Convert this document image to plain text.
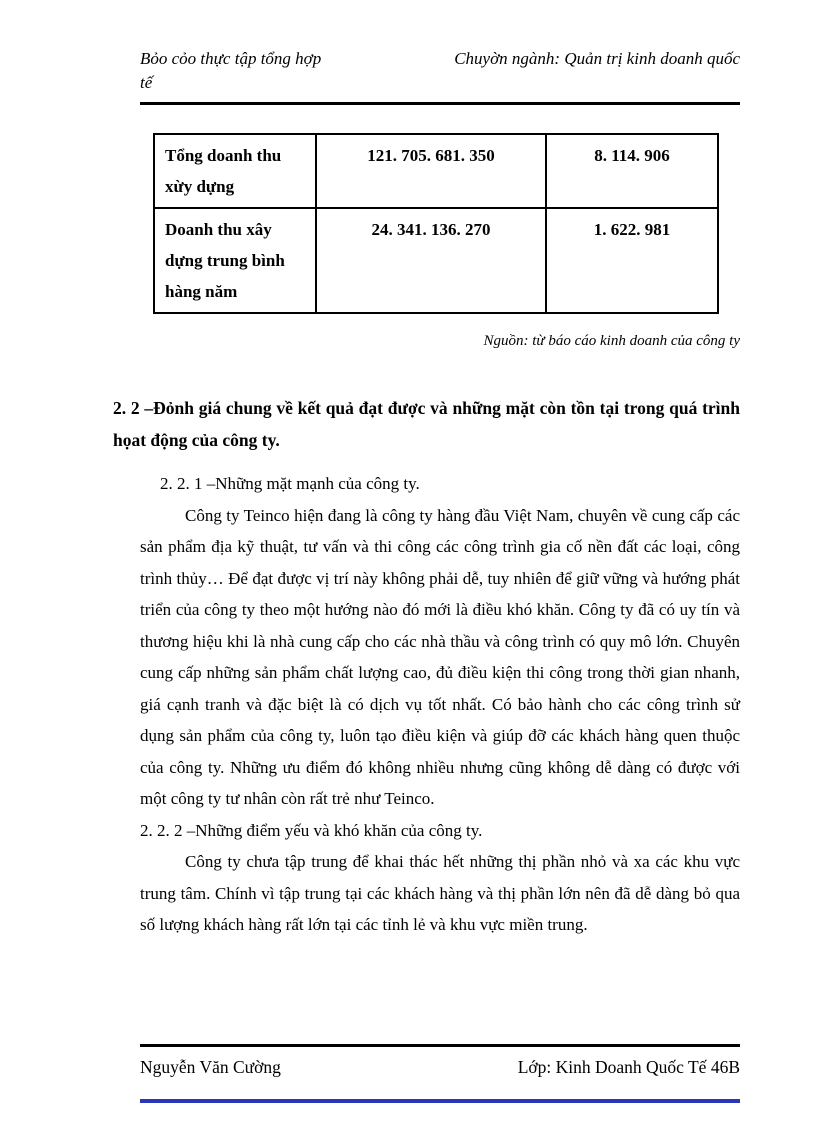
Bỏo cỏo thực tập tổng hợp	Chuyờn ngành: Quản trị kinh doanh quốc
tế
Tổng doanh thu xừy dựng	121. 705. 681. 350	8. 114. 906
Doanh thu xây dựng trung bình hàng năm	24. 341. 136. 270	1. 622. 981
Nguồn: từ báo cáo kinh doanh của công ty
2. 2 –Đỏnh giá chung về kết quả đạt được và những mặt còn tồn tại trong quá trình họat động của công ty.
2. 2. 1 –Những mặt mạnh của công ty.
Công ty Teinco hiện đang là công ty hàng đầu Việt Nam, chuyên về cung cấp các sản phẩm địa kỹ thuật, tư vấn và thi công các công trình gia cố nền đất các loại, công trình thủy… Để đạt được vị trí này không phải dễ, tuy nhiên để giữ vững và hướng phát triển của công ty theo một hướng nào đó mới là điều khó khăn. Công ty đã có uy tín và thương hiệu khi là nhà cung cấp cho các nhà thầu và công trình có quy mô lớn. Chuyên cung cấp những sản phẩm chất lượng cao, đủ điều kiện thi công trong thời gian nhanh, giá cạnh tranh và đặc biệt là có dịch vụ tốt nhất. Có bảo hành cho các công trình sử dụng sản phẩm của công ty, luôn tạo điều kiện và giúp đỡ các khách hàng quen thuộc của công ty. Những ưu điểm đó không nhiều nhưng cũng không dễ dàng có được với một công ty tư nhân còn rất trẻ như Teinco.
2. 2. 2 –Những điểm yếu và khó khăn của công ty.
Công ty chưa tập trung để khai thác hết những thị phần nhỏ và xa các khu vực trung tâm. Chính vì tập trung tại các khách hàng và thị phần lớn nên đã dễ dàng bỏ qua số lượng khách hàng rất lớn tại các tỉnh lẻ và khu vực miền trung.
Nguyễn Văn Cường	Lớp: Kinh Doanh Quốc Tế 46B
